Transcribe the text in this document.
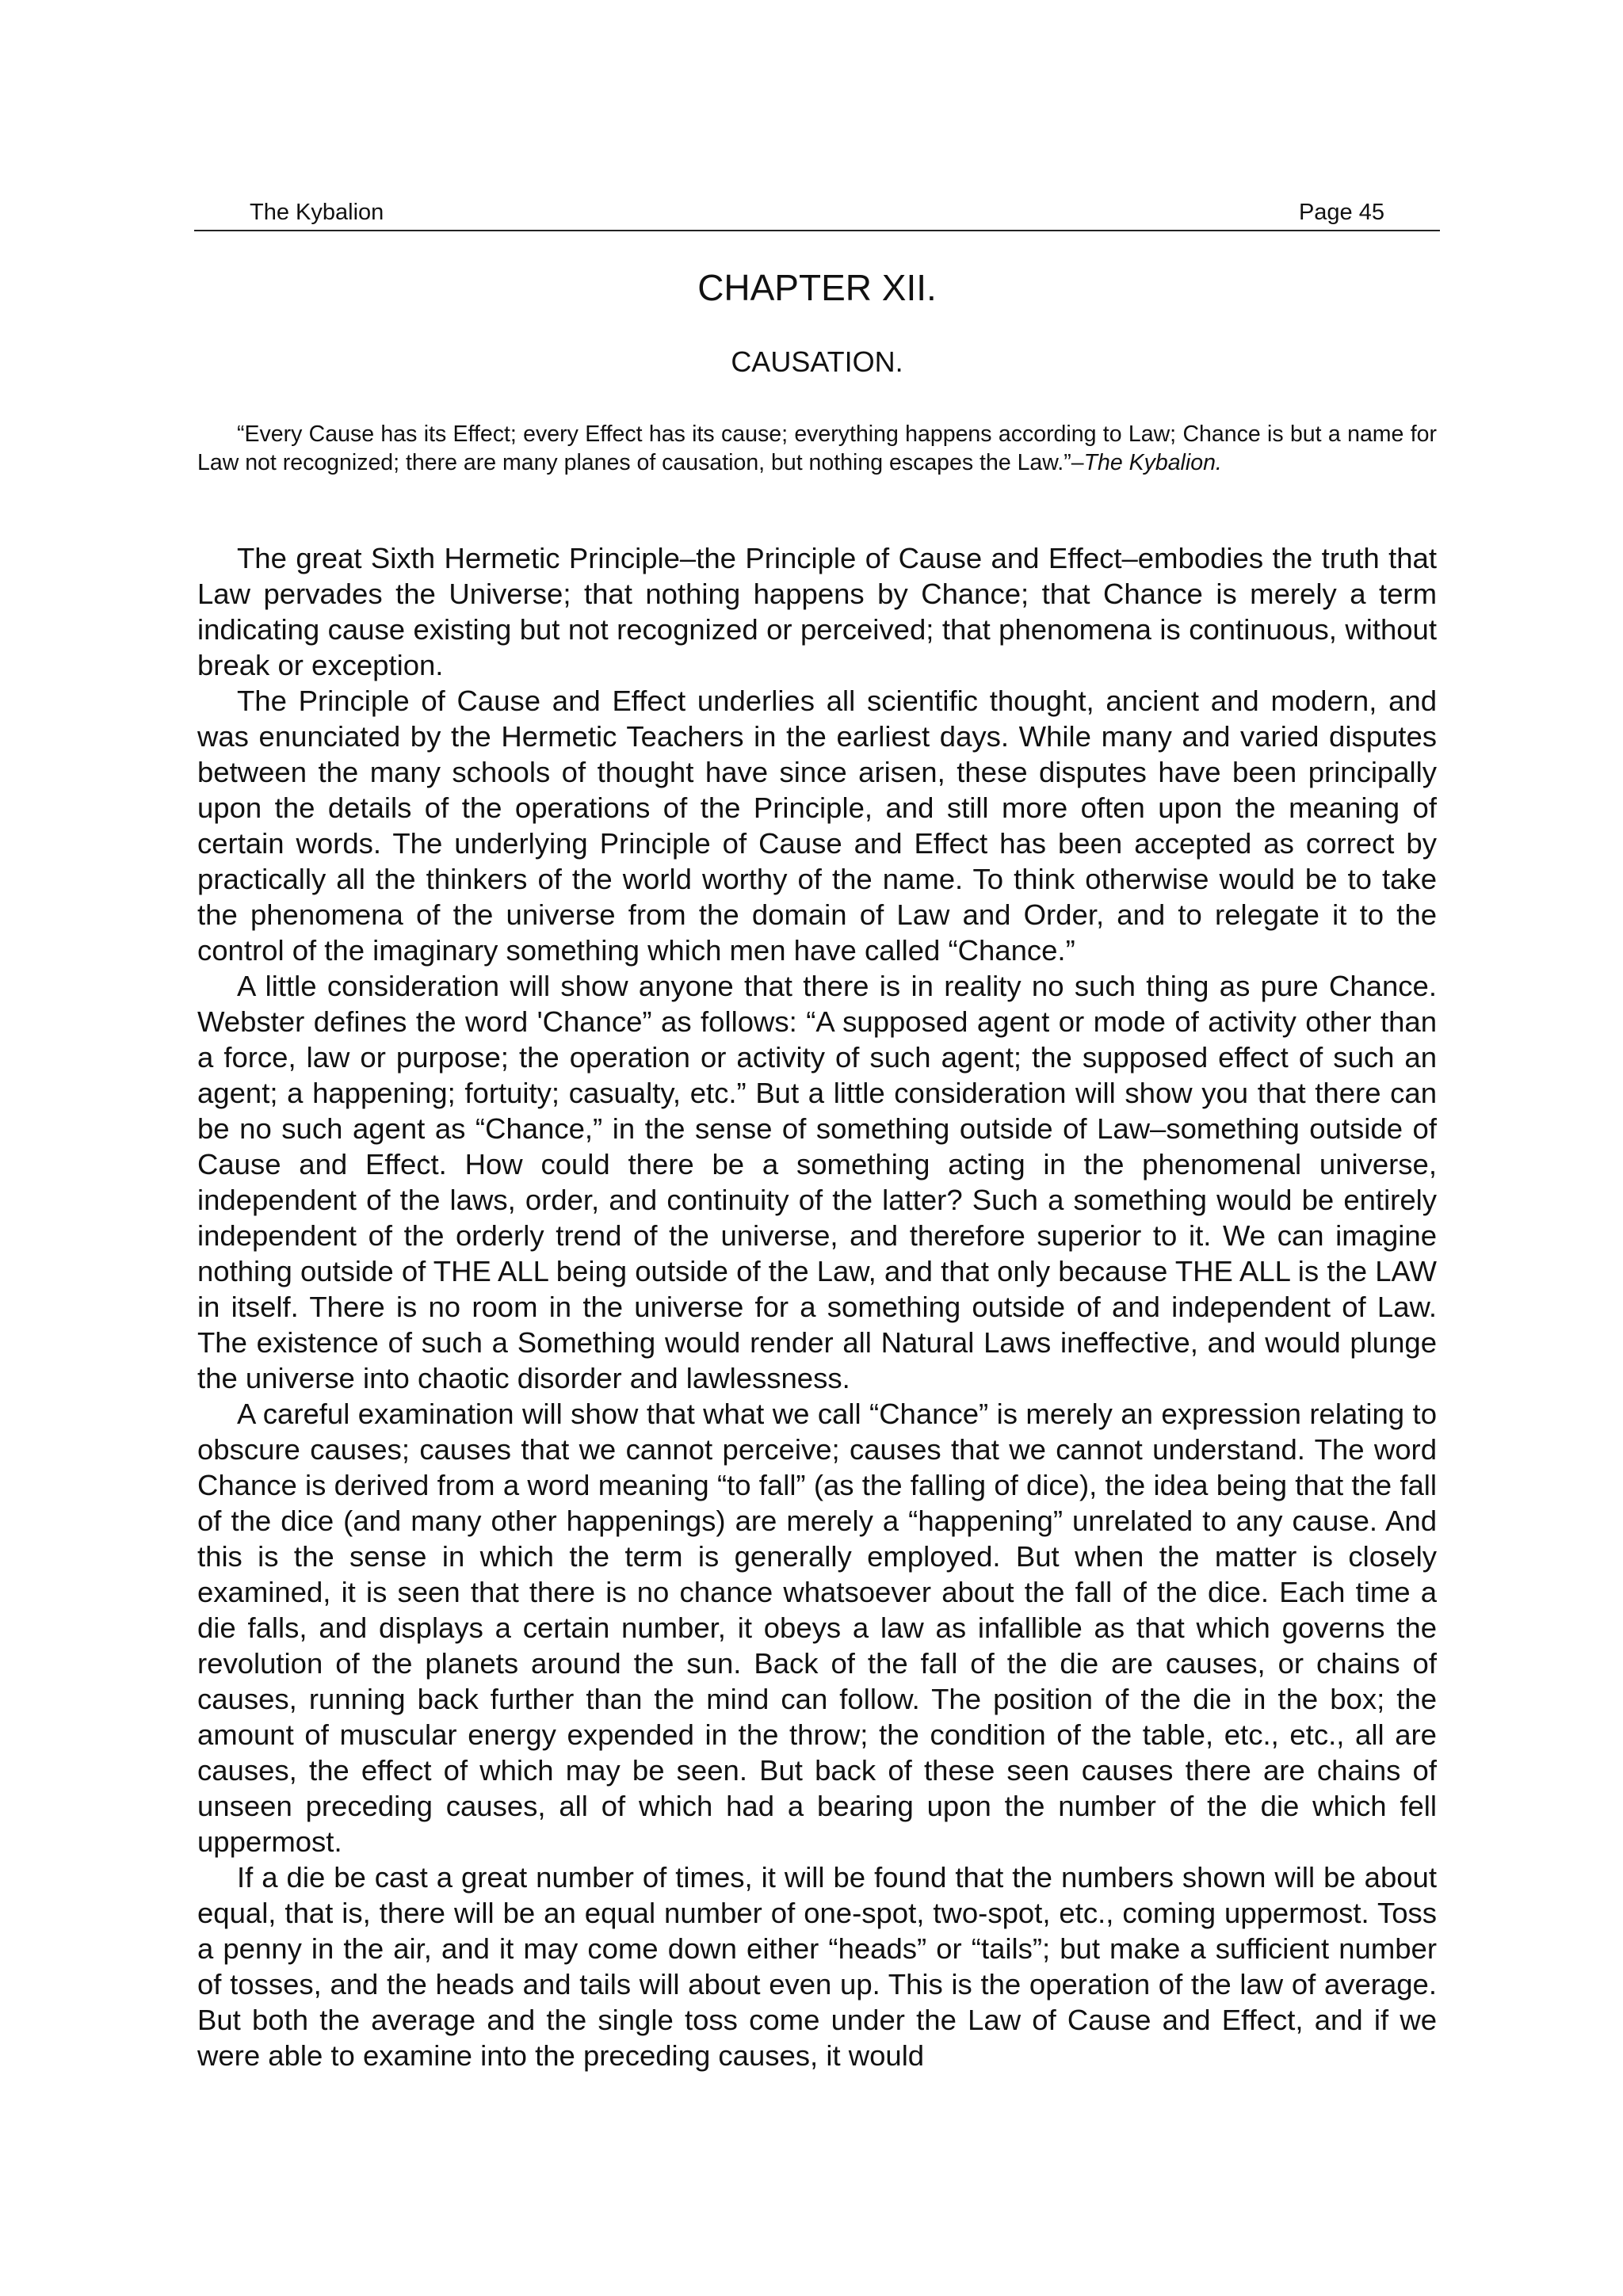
The Kybalion	Page 45
CHAPTER XII.
CAUSATION.

“Every Cause has its Effect; every Effect has its cause; everything happens according to Law; Chance is but a name for Law not recognized; there are many planes of causation, but nothing escapes the Law.”–The Kybalion.

The great Sixth Hermetic Principle–the Principle of Cause and Effect–embodies the truth that Law pervades the Universe; that nothing happens by Chance; that Chance is merely a term indicating cause existing but not recognized or perceived; that phenomena is continuous, without break or exception.

The Principle of Cause and Effect underlies all scientific thought, ancient and modern, and was enunciated by the Hermetic Teachers in the earliest days. While many and varied disputes between the many schools of thought have since arisen, these disputes have been principally upon the details of the operations of the Principle, and still more often upon the meaning of certain words. The underlying Principle of Cause and Effect has been accepted as correct by practically all the thinkers of the world worthy of the name. To think otherwise would be to take the phenomena of the universe from the domain of Law and Order, and to relegate it to the control of the imaginary something which men have called “Chance.”

A little consideration will show anyone that there is in reality no such thing as pure Chance. Webster defines the word 'Chance” as follows: “A supposed agent or mode of activity other than a force, law or purpose; the operation or activity of such agent; the supposed effect of such an agent; a happening; fortuity; casualty, etc.” But a little consideration will show you that there can be no such agent as “Chance,” in the sense of something outside of Law–something outside of Cause and Effect. How could there be a something acting in the phenomenal universe, independent of the laws, order, and continuity of the latter? Such a something would be entirely independent of the orderly trend of the universe, and therefore superior to it. We can imagine nothing outside of THE ALL being outside of the Law, and that only because THE ALL is the LAW in itself. There is no room in the universe for a something outside of and independent of Law. The existence of such a Something would render all Natural Laws ineffective, and would plunge the universe into chaotic disorder and lawlessness.

A careful examination will show that what we call “Chance” is merely an expression relating to obscure causes; causes that we cannot perceive; causes that we cannot understand. The word Chance is derived from a word meaning “to fall” (as the falling of dice), the idea being that the fall of the dice (and many other happenings) are merely a “happening” unrelated to any cause. And this is the sense in which the term is generally employed. But when the matter is closely examined, it is seen that there is no chance whatsoever about the fall of the dice. Each time a die falls, and displays a certain number, it obeys a law as infallible as that which governs the revolution of the planets around the sun. Back of the fall of the die are causes, or chains of causes, running back further than the mind can follow. The position of the die in the box; the amount of muscular energy expended in the throw; the condition of the table, etc., etc., all are causes, the effect of which may be seen. But back of these seen causes there are chains of unseen preceding causes, all of which had a bearing upon the number of the die which fell uppermost.

If a die be cast a great number of times, it will be found that the numbers shown will be about equal, that is, there will be an equal number of one-spot, two-spot, etc., coming uppermost. Toss a penny in the air, and it may come down either “heads” or “tails”; but make a sufficient number of tosses, and the heads and tails will about even up. This is the operation of the law of average. But both the average and the single toss come under the Law of Cause and Effect, and if we were able to examine into the preceding causes, it would
